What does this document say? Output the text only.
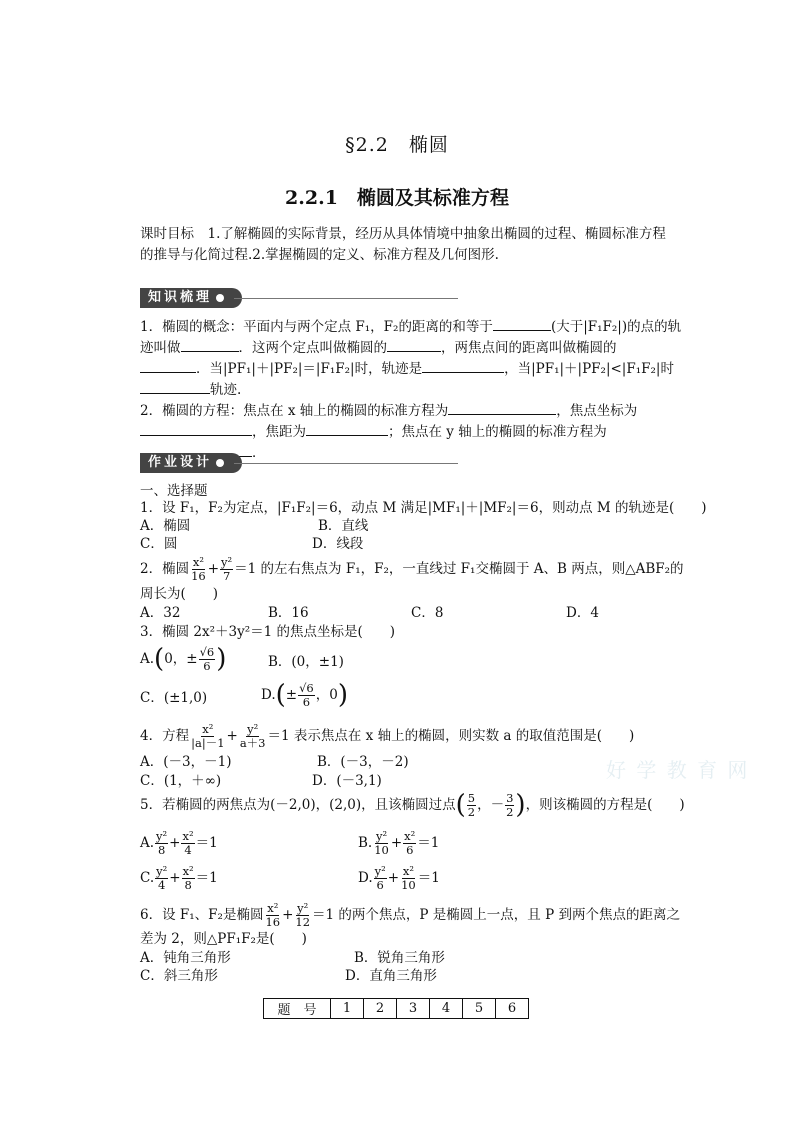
§2.2　椭圆
2.2.1　椭圆及其标准方程
课时目标　1.了解椭圆的实际背景，经历从具体情境中抽象出椭圆的过程、椭圆标准方程
的推导与化简过程.2.掌握椭圆的定义、标准方程及几何图形.
知识梳理
1．椭圆的概念：平面内与两个定点 F₁，F₂的距离的和等于	(大于|F₁F₂|)的点的轨
迹叫做	．这两个定点叫做椭圆的	，两焦点间的距离叫做椭圆的
．当|PF₁|＋|PF₂|＝|F₁F₂|时，轨迹是	，当|PF₁|＋|PF₂|<|F₁F₂|时
轨迹.
2．椭圆的方程：焦点在 x 轴上的椭圆的标准方程为	，焦点坐标为
，焦距为	；焦点在 y 轴上的椭圆的标准方程为
．
作业设计
一、选择题
1．设 F₁，F₂为定点，|F₁F₂|＝6，动点 M 满足|MF₁|＋|MF₂|＝6，则动点 M 的轨迹是(　　)
A．椭圆	B．直线
C．圆	D．线段
2．椭圆 $\frac{\text{x²}}{16} + \frac{\text{y²}}{7} =1$ 的左右焦点为 F₁，F₂，一直线过 F₁交椭圆于 A、B 两点，则△ABF₂的
周长为(　　)
A．32	B．16	C．8	D．4
3．椭圆 2x²＋3y²＝1 的焦点坐标是(　　)
A.(0，± $\frac{√6}{6}$ )	B．(0，±1)
C．(±1,0)	$D.(\pm \frac{√6}{6}$ ，0)
4．方程 $\frac{\text{x²}}{|a|-1} + \frac{\text{y²}}{a+3} =1$ 表示焦点在 x 轴上的椭圆，则实数 a 的取值范围是(　　)
A．(－3，－1)	B．(－3，－2)
C．(1，＋∞)	D．(－3,1)	好 学 教 育 网
5．若椭圆的两焦点为(－2,0)，(2,0)，且该椭圆过点( $\frac{5}{2}$ ，－ $\frac{3}{2}$ )，则该椭圆的方程是(　　)
A. $\frac{\text{y²}}{8} + \frac{\text{x²}}{4} =1$	B. $\frac{\text{y²}}{10} + \frac{\text{x²}}{6} =1$
C. $\frac{\text{y²}}{4} + \frac{\text{x²}}{8} =1$	D. $\frac{\text{y²}}{6} + \frac{\text{x²}}{10} =1$
6．设 F₁、F₂是椭圆 $\frac{\text{x²}}{16} + \frac{\text{y²}}{12} =1$ 的两个焦点，P 是椭圆上一点，且 P 到两个焦点的距离之
差为 2，则△PF₁F₂是(　　)
A．钝角三角形	B．锐角三角形
C．斜三角形	D．直角三角形
题　号	1	2	3	4	5	6
